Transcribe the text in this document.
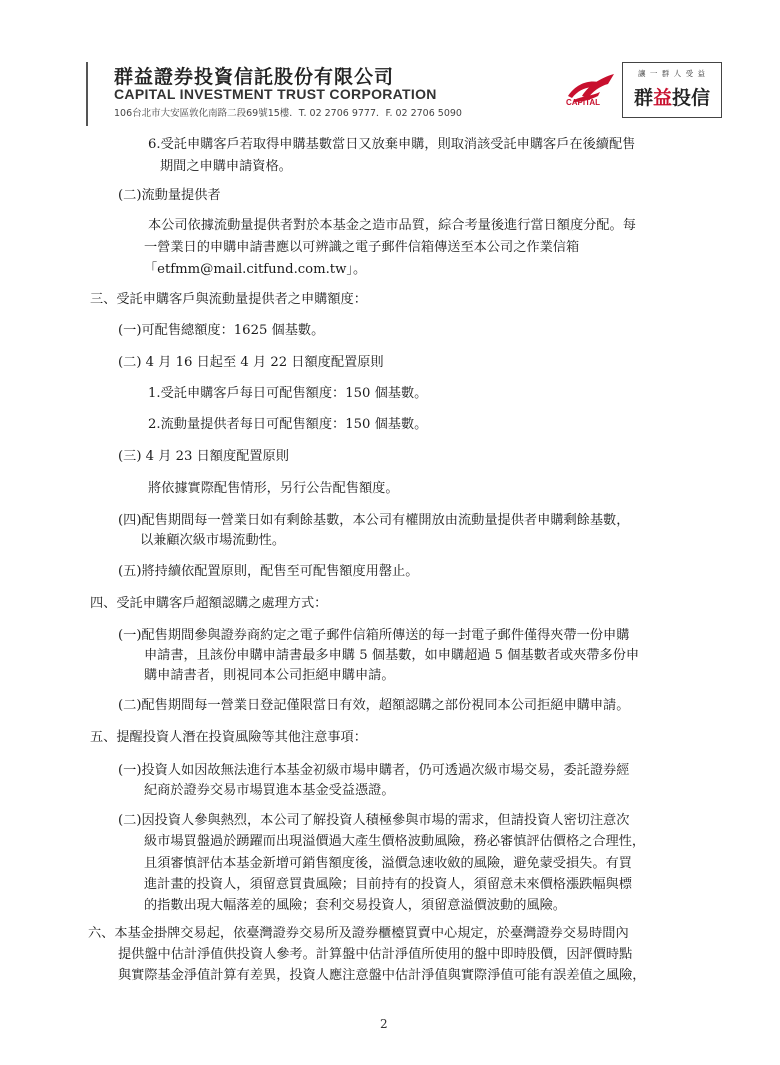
群益證券投資信託股份有限公司
CAPITAL INVESTMENT TRUST CORPORATION
106台北市大安區敦化南路二段69號15樓．T. 02 2706 9777．F. 02 2706 5090
CAPITAL
讓 一 群 人 受 益
群益投信
6.受託申購客戶若取得申購基數當日又放棄申購，則取消該受託申購客戶在後續配售
期間之申購申請資格。
(二)流動量提供者
本公司依據流動量提供者對於本基金之造市品質，綜合考量後進行當日額度分配。每
一營業日的申購申請書應以可辨識之電子郵件信箱傳送至本公司之作業信箱
「etfmm@mail.citfund.com.tw」。
三、受託申購客戶與流動量提供者之申購額度：
(一)可配售總額度：1625 個基數。
(二) 4 月 16 日起至 4 月 22 日額度配置原則
1.受託申購客戶每日可配售額度：150 個基數。
2.流動量提供者每日可配售額度：150 個基數。
(三) 4 月 23 日額度配置原則
將依據實際配售情形，另行公告配售額度。
(四)配售期間每一營業日如有剩餘基數，本公司有權開放由流動量提供者申購剩餘基數，
以兼顧次級市場流動性。
(五)將持續依配置原則，配售至可配售額度用罄止。
四、受託申購客戶超額認購之處理方式：
(一)配售期間參與證券商約定之電子郵件信箱所傳送的每一封電子郵件僅得夾帶一份申購
申請書，且該份申購申請書最多申購 5 個基數，如申購超過 5 個基數者或夾帶多份申
購申請書者，則視同本公司拒絕申購申請。
(二)配售期間每一營業日登記僅限當日有效，超額認購之部份視同本公司拒絕申購申請。
五、提醒投資人潛在投資風險等其他注意事項：
(一)投資人如因故無法進行本基金初級市場申購者，仍可透過次級市場交易，委託證券經
紀商於證券交易市場買進本基金受益憑證。
(二)因投資人參與熱烈，本公司了解投資人積極參與市場的需求，但請投資人密切注意次
級市場買盤過於踴躍而出現溢價過大產生價格波動風險，務必審慎評估價格之合理性，
且須審慎評估本基金新增可銷售額度後，溢價急速收斂的風險，避免蒙受損失。有買
進計畫的投資人，須留意買貴風險；目前持有的投資人，須留意未來價格漲跌幅與標
的指數出現大幅落差的風險；套利交易投資人，須留意溢價波動的風險。
六、本基金掛牌交易起，依臺灣證券交易所及證券櫃檯買賣中心規定，於臺灣證券交易時間內
提供盤中估計淨值供投資人參考。計算盤中估計淨值所使用的盤中即時股價，因評價時點
與實際基金淨值計算有差異，投資人應注意盤中估計淨值與實際淨值可能有誤差值之風險，
2
